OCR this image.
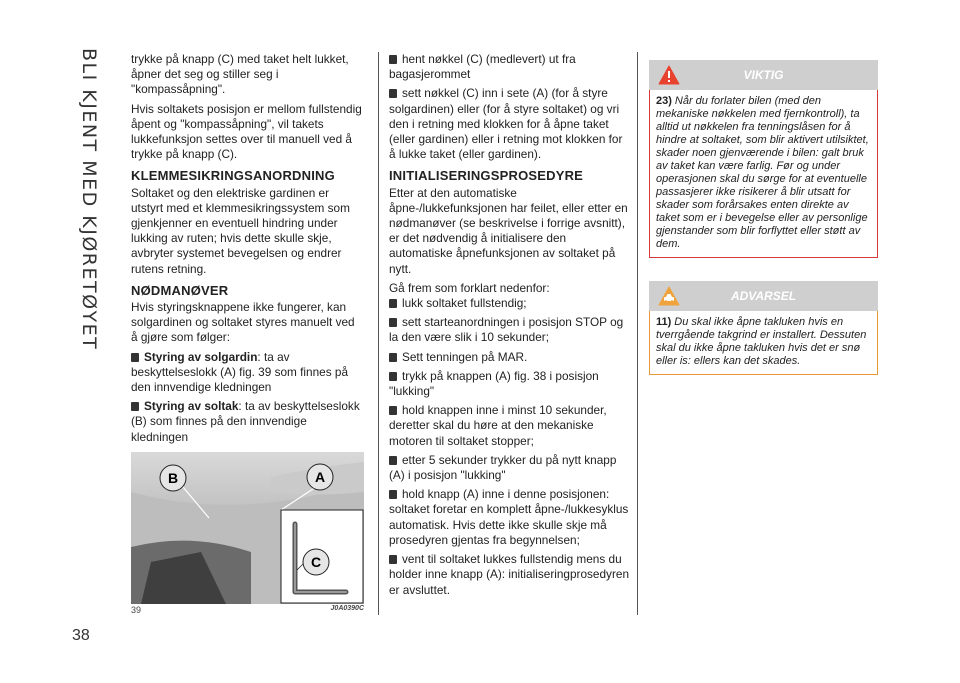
BLI KJENT MED KJØRETØYET
38

trykke på knapp (C) med taket helt lukket, åpner det seg og stiller seg i "kompassåpning".

Hvis soltakets posisjon er mellom fullstendig åpent og "kompassåpning", vil takets lukkefunksjon settes over til manuell ved å trykke på knapp (C).

KLEMMESIKRINGSANORDNING

Soltaket og den elektriske gardinen er utstyrt med et klemmesikringssystem som gjenkjenner en eventuell hindring under lukking av ruten; hvis dette skulle skje, avbryter systemet bevegelsen og endrer rutens retning.

NØDMANØVER

Hvis styringsknappene ikke fungerer, kan solgardinen og soltaket styres manuelt ved å gjøre som følger:

Styring av solgardin: ta av beskyttelseslokk (A) fig. 39 som finnes på den innvendige kledningen

Styring av soltak: ta av beskyttelseslokk (B) som finnes på den innvendige kledningen

B	A
C
39	J0A0390C

hent nøkkel (C) (medlevert) ut fra bagasjerommet

sett nøkkel (C) inn i sete (A) (for å styre solgardinen) eller (for å styre soltaket) og vri den i retning med klokken for å åpne taket (eller gardinen) eller i retning mot klokken for å lukke taket (eller gardinen).

INITIALISERINGSPROSEDYRE

Etter at den automatiske åpne-/lukkefunksjonen har feilet, eller etter en nødmanøver (se beskrivelse i forrige avsnitt), er det nødvendig å initialisere den automatiske åpnefunksjonen av soltaket på nytt.

Gå frem som forklart nedenfor:

lukk soltaket fullstendig;

sett starteanordningen i posisjon STOP og la den være slik i 10 sekunder;

Sett tenningen på MAR.

trykk på knappen (A) fig. 38 i posisjon "lukking"

hold knappen inne i minst 10 sekunder, deretter skal du høre at den mekaniske motoren til soltaket stopper;

etter 5 sekunder trykker du på nytt knapp (A) i posisjon "lukking"

hold knapp (A) inne i denne posisjonen: soltaket foretar en komplett åpne-/lukkesyklus automatisk. Hvis dette ikke skulle skje må prosedyren gjentas fra begynnelsen;

vent til soltaket lukkes fullstendig mens du holder inne knapp (A): initialiseringprosedyren er avsluttet.

VIKTIG
23) Når du forlater bilen (med den mekaniske nøkkelen med fjernkontroll), ta alltid ut nøkkelen fra tenningslåsen for å hindre at soltaket, som blir aktivert utilsiktet, skader noen gjenværende i bilen: galt bruk av taket kan være farlig. Før og under operasjonen skal du sørge for at eventuelle passasjerer ikke risikerer å blir utsatt for skader som forårsakes enten direkte av taket som er i bevegelse eller av personlige gjenstander som blir forflyttet eller støtt av dem.
ADVARSEL
11) Du skal ikke åpne takluken hvis en tverrgående takgrind er installert. Dessuten skal du ikke åpne takluken hvis det er snø eller is: ellers kan det skades.
